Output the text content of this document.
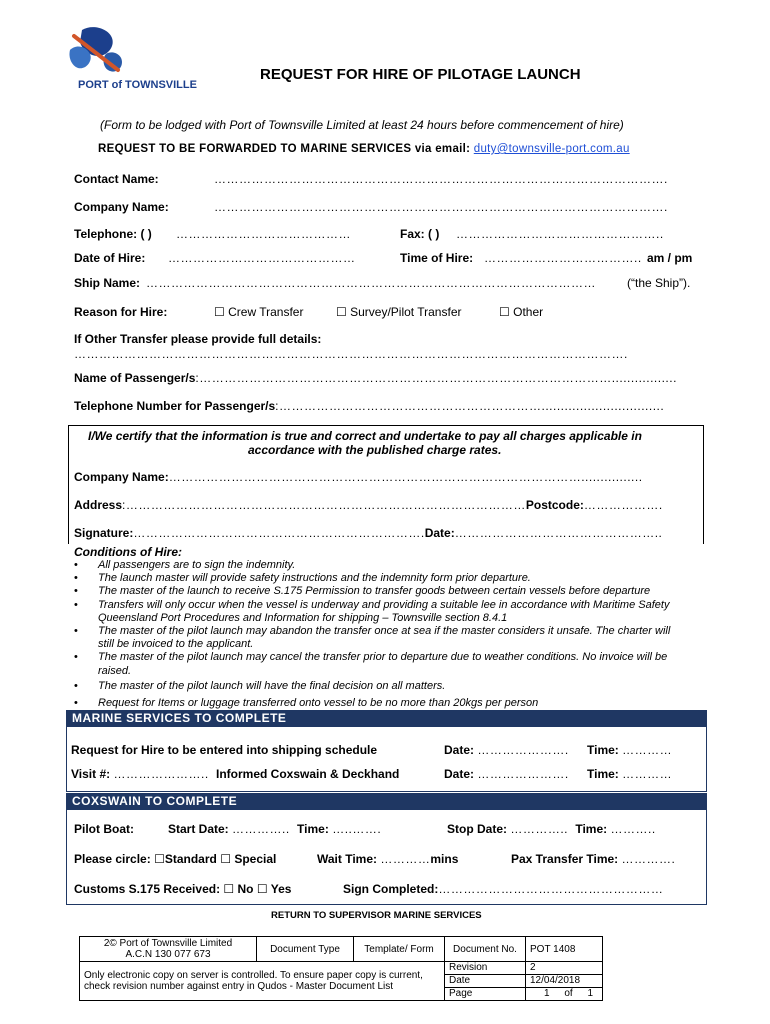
PORT of TOWNSVILLE
REQUEST FOR HIRE OF PILOTAGE LAUNCH
(Form to be lodged with Port of Townsville Limited at least 24 hours before commencement of hire)
REQUEST TO BE FORWARDED TO MARINE SERVICES via email: duty@townsville-port.com.au
Contact Name:	……………………………………………………………………………………………….
Company Name:	……………………………………………………………………………………………….
Telephone: ( ) ……………………………………	Fax: ( ) …………………………………………..
Date of Hire: ………………………………………	Time of Hire: ……………………………….. am / pm
Ship Name: ………………………………………………………………………………………………	(“the Ship”).
Reason for Hire:	☐ Crew Transfer	☐ Survey/Pilot Transfer	☐ Other
If Other Transfer please provide full details:
…………………………………………………………………………………………………………………….
Name of Passenger/s:……………………………………………………………………………………….................
Telephone Number for Passenger/s:………………………………………………………................................
I/We certify that the information is true and correct and undertake to pay all charges applicable in
accordance with the published charge rates.
Company Name:………………………………………………………………………………………................
Address:……………………………………………………………………………………Postcode:……………….
Signature:…………………………………………………………….Date:…………………………………………..
Conditions of Hire:
• All passengers are to sign the indemnity.
• The launch master will provide safety instructions and the indemnity form prior departure.
• The master of the launch to receive S.175 Permission to transfer goods between certain vessels before departure
• Transfers will only occur when the vessel is underway and providing a suitable lee in accordance with Maritime Safety Queensland Port Procedures and Information for shipping – Townsville section 8.4.1
• The master of the pilot launch may abandon the transfer once at sea if the master considers it unsafe. The charter will still be invoiced to the applicant.
• The master of the pilot launch may cancel the transfer prior to departure due to weather conditions. No invoice will be raised.
• The master of the pilot launch will have the final decision on all matters.
• Request for Items or luggage transferred onto vessel to be no more than 20kgs per person
MARINE SERVICES TO COMPLETE
Request for Hire to be entered into shipping schedule	Date: …………………. Time: …………
Visit #: ………………….. Informed Coxswain & Deckhand	Date: …………………. Time: …………
COXSWAIN TO COMPLETE
Pilot Boat:	Start Date: ………….. Time: …..…….	Stop Date: ………….. Time: ………..
Please circle: ☐Standard ☐ Special	Wait Time: …………mins	Pax Transfer Time: ………….
Customs S.175 Received: ☐ No ☐ Yes	Sign Completed:………………………………………………
RETURN TO SUPERVISOR MARINE SERVICES
2© Port of Townsville Limited
A.C.N 130 077 673	Document Type	Template/ Form	Document No.	POT 1408
Only electronic copy on server is controlled. To ensure paper copy is current, check revision number against entry in Qudos - Master Document List			Revision	2
			Date	12/04/2018
			Page	1 of 1
